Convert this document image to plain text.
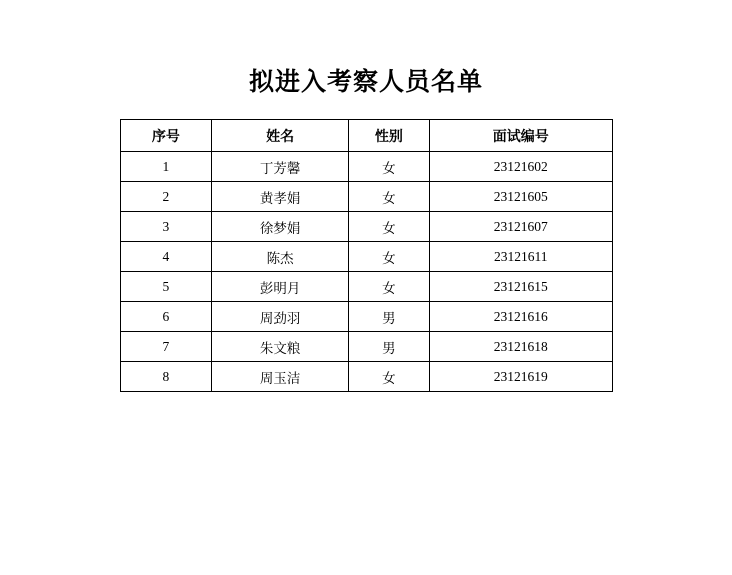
拟进入考察人员名单
序号	姓名	性别	面试编号
1	丁芳馨	女	23121602
2	黄孝娟	女	23121605
3	徐梦娟	女	23121607
4	陈杰	女	23121611
5	彭明月	女	23121615
6	周劲羽	男	23121616
7	朱文粮	男	23121618
8	周玉洁	女	23121619
